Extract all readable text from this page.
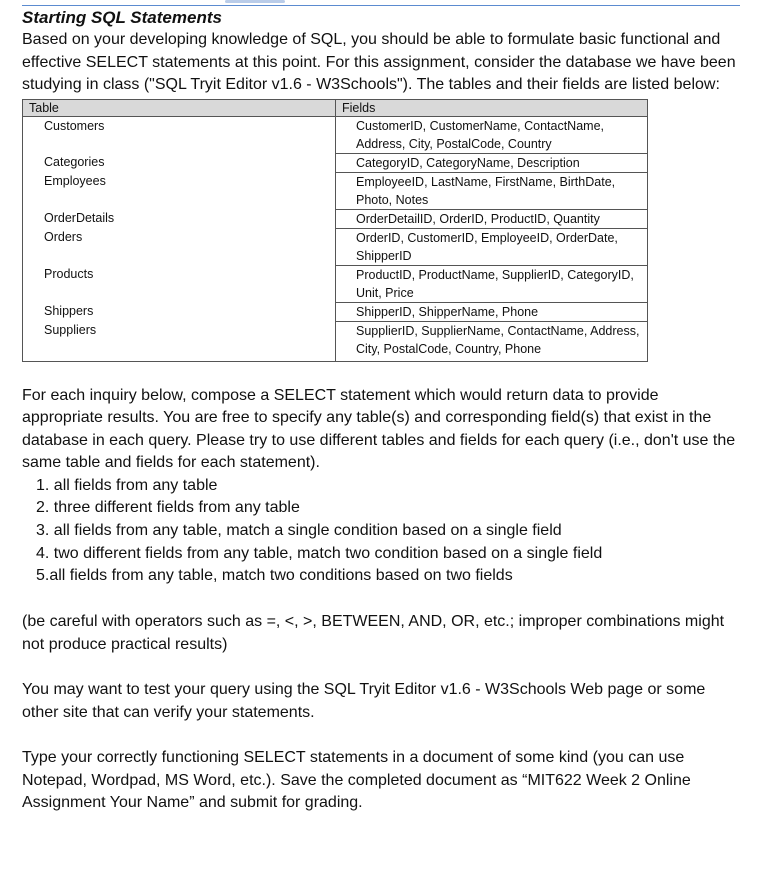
Starting SQL Statements

Based on your developing knowledge of SQL, you should be able to formulate basic functional and effective SELECT statements at this point. For this assignment, consider the database we have been studying in class ("SQL Tryit Editor v1.6 - W3Schools"). The tables and their fields are listed below:

Table	Fields
Customers	CustomerID, CustomerName, ContactName, Address, City, PostalCode, Country
Categories	CategoryID, CategoryName, Description
Employees	EmployeeID, LastName, FirstName, BirthDate, Photo, Notes
OrderDetails	OrderDetailID, OrderID, ProductID, Quantity
Orders	OrderID, CustomerID, EmployeeID, OrderDate, ShipperID
Products	ProductID, ProductName, SupplierID, CategoryID, Unit, Price
Shippers	ShipperID, ShipperName, Phone
Suppliers	SupplierID, SupplierName, ContactName, Address, City, PostalCode, Country, Phone

For each inquiry below, compose a SELECT statement which would return data to provide appropriate results. You are free to specify any table(s) and corresponding field(s) that exist in the database in each query. Please try to use different tables and fields for each query (i.e., don't use the same table and fields for each statement).

1. all fields from any table
2. three different fields from any table
3. all fields from any table, match a single condition based on a single field
4. two different fields from any table, match two condition based on a single field
5.all fields from any table, match two conditions based on two fields

(be careful with operators such as =, <, >, BETWEEN, AND, OR, etc.; improper combinations might not produce practical results)

You may want to test your query using the SQL Tryit Editor v1.6 - W3Schools Web page or some other site that can verify your statements.

Type your correctly functioning SELECT statements in a document of some kind (you can use Notepad, Wordpad, MS Word, etc.). Save the completed document as “MIT622 Week 2 Online Assignment Your Name” and submit for grading.
